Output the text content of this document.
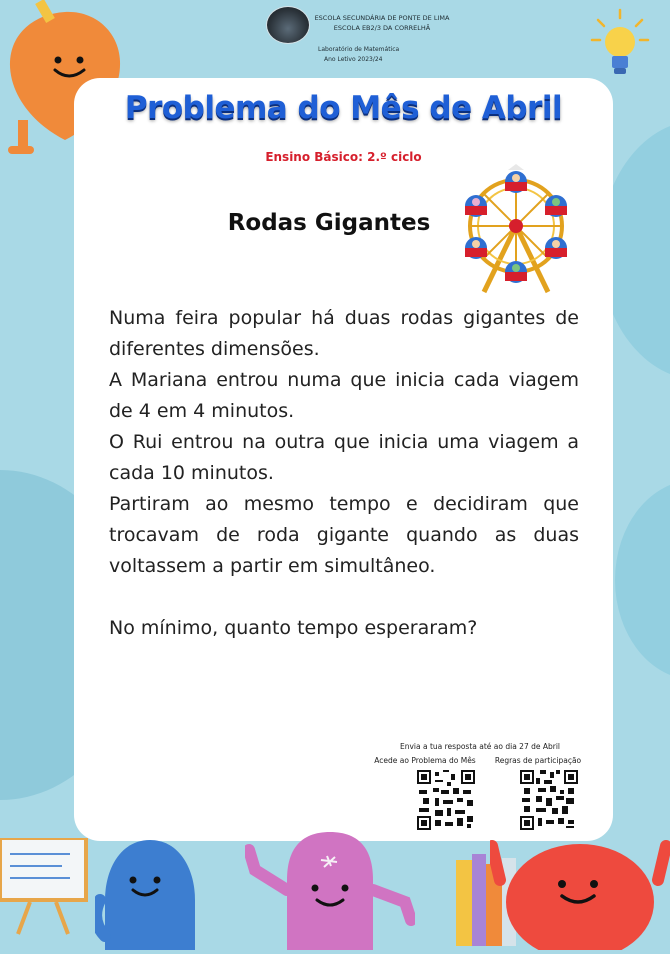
ESCOLA SECUNDÁRIA DE PONTE DE LIMA
ESCOLA EB2/3 DA CORRELHÃ
Laboratório de Matemática
Ano Letivo 2023/24
Problema do Mês de Abril
Ensino Básico: 2.º ciclo
Rodas Gigantes

Numa feira popular há duas rodas gigantes de diferentes dimensões.

A Mariana entrou numa que inicia cada viagem de 4 em 4 minutos.

O Rui entrou na outra que inicia uma viagem a cada 10 minutos.

Partiram ao mesmo tempo e decidiram que trocavam de roda gigante quando as duas voltassem a partir em simultâneo.

No mínimo, quanto tempo esperaram?
Envia a tua resposta até ao dia 27 de Abril
Acede ao Problema do Mês	Regras de participação
